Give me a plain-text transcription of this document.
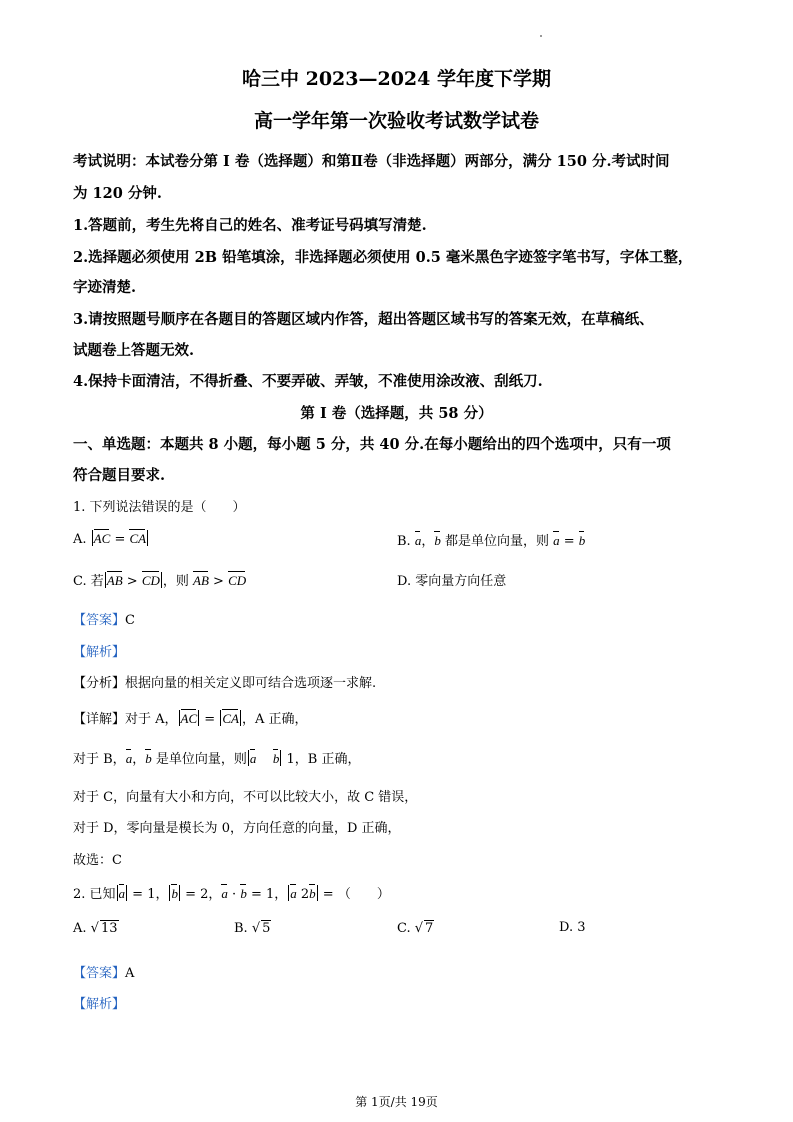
哈三中 2023—2024 学年度下学期
高一学年第一次验收考试数学试卷
考试说明：本试卷分第 I 卷（选择题）和第Ⅱ卷（非选择题）两部分，满分 150 分.考试时间
为 120 分钟.
1.答题前，考生先将自己的姓名、准考证号码填写清楚.
2.选择题必须使用 2B 铅笔填涂，非选择题必须使用 0.5 毫米黑色字迹签字笔书写，字体工整，
字迹清楚.
3.请按照题号顺序在各题目的答题区域内作答，超出答题区域书写的答案无效，在草稿纸、
试题卷上答题无效.
4.保持卡面清洁，不得折叠、不要弄破、弄皱，不准使用涂改液、刮纸刀.
第 I 卷（选择题，共 58 分）
一、单选题：本题共 8 小题，每小题 5 分，共 40 分.在每小题给出的四个选项中，只有一项
符合题目要求.
1. 下列说法错误的是（　　）
A. AC = CA	B. a，b 都是单位向量，则 a = b
C. 若 AB > CD ，则 AB > CD	D. 零向量方向任意
【答案】C
【解析】
【分析】根据向量的相关定义即可结合选项逐一求解.
【详解】对于 A， AC = CA ，A 正确，
对于 B，a，b 是单位向量，则 a b 1，B 正确，
对于 C，向量有大小和方向，不可以比较大小，故 C 错误，
对于 D，零向量是模长为 0，方向任意的向量，D 正确，
故选：C
2. 已知 a = 1， b = 2，a · b = 1， a 2b = （　　）
A. √ 13	B. √ 5	C. √ 7	D. 3
【答案】A
【解析】
第 1页/共 19页
